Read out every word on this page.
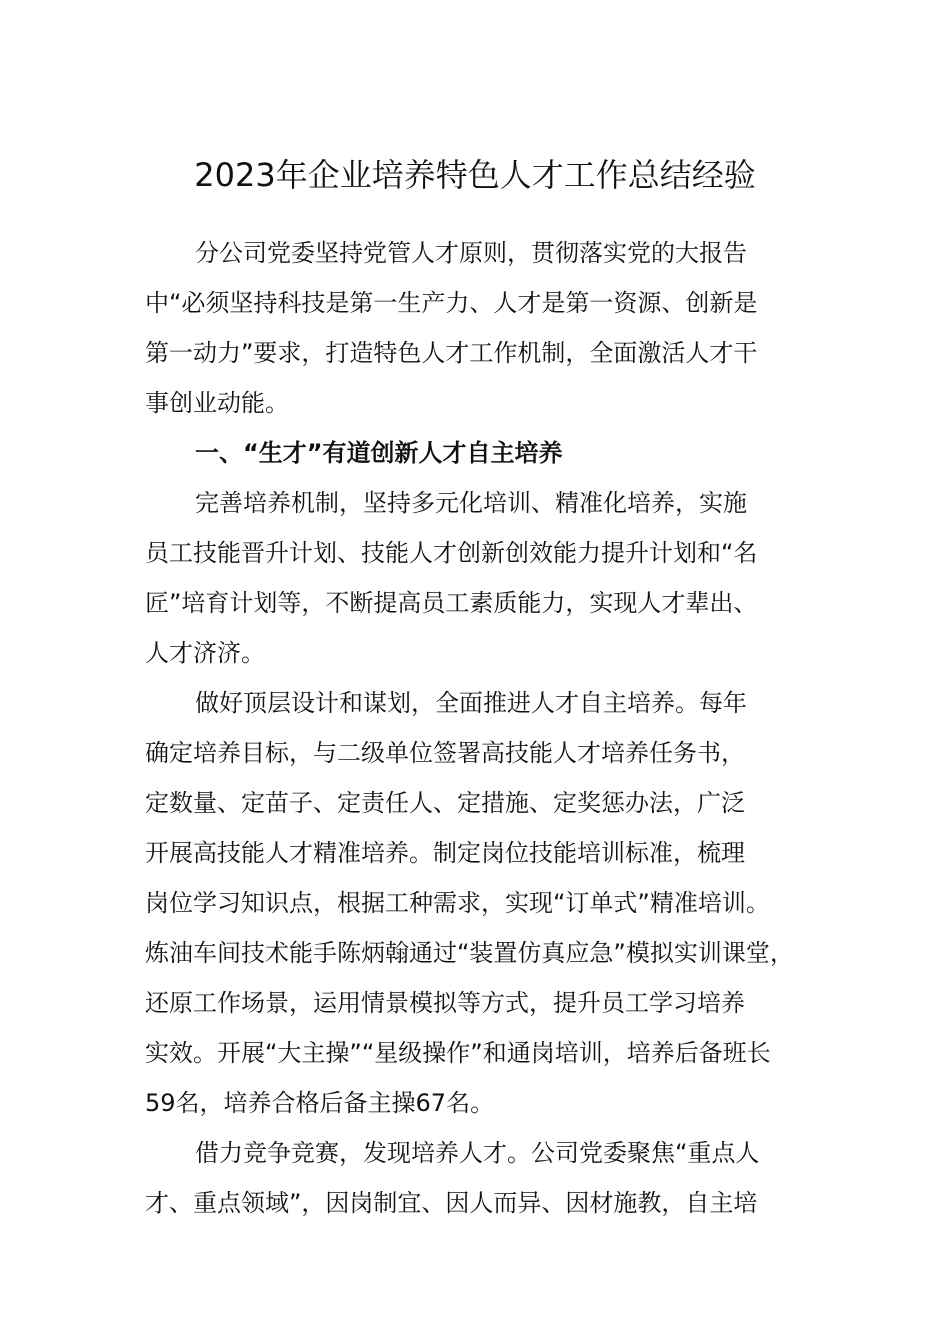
2023年企业培养特色人才工作总结经验
分公司党委坚持党管人才原则，贯彻落实党的大报告
中“必须坚持科技是第一生产力、人才是第一资源、创新是
第一动力”要求，打造特色人才工作机制，全面激活人才干
事创业动能。
一、“生才”有道创新人才自主培养
完善培养机制，坚持多元化培训、精准化培养，实施
员工技能晋升计划、技能人才创新创效能力提升计划和“名
匠”培育计划等，不断提高员工素质能力，实现人才辈出、
人才济济。
做好顶层设计和谋划，全面推进人才自主培养。每年
确定培养目标，与二级单位签署高技能人才培养任务书，
定数量、定苗子、定责任人、定措施、定奖惩办法，广泛
开展高技能人才精准培养。制定岗位技能培训标准，梳理
岗位学习知识点，根据工种需求，实现“订单式”精准培训。
炼油车间技术能手陈炳翰通过“装置仿真应急”模拟实训课堂，
还原工作场景，运用情景模拟等方式，提升员工学习培养
实效。开展“大主操”“星级操作”和通岗培训，培养后备班长
59名，培养合格后备主操67名。
借力竞争竞赛，发现培养人才。公司党委聚焦“重点人
才、重点领域”，因岗制宜、因人而异、因材施教，自主培
